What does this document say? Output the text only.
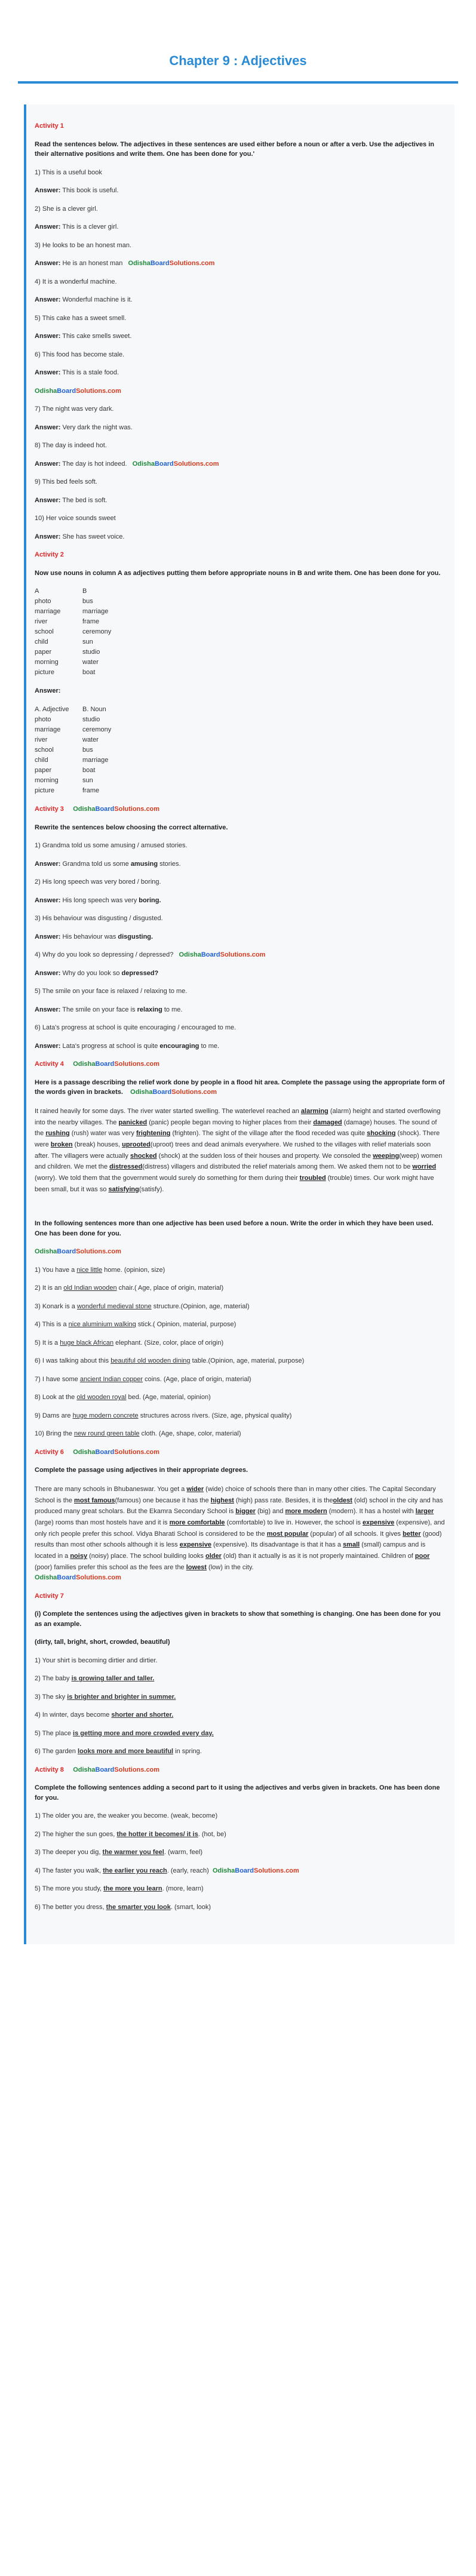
Chapter 9 : Adjectives

Activity 1

Read the sentences below. The adjectives in these sentences are used either before a noun or after a verb. Use the adjectives in their alternative positions and write them. One has been done for you.'

1) This is a useful book

Answer: This book is useful.

2) She is a clever girl.

Answer: This is a clever girl.

3) He looks to be an honest man.

Answer: He is an honest man OdishaBoardSolutions.com

4) It is a wonderful machine.

Answer: Wonderful machine is it.

5) This cake has a sweet smell.

Answer: This cake smells sweet.

6) This food has become stale.

Answer: This is a stale food.

OdishaBoardSolutions.com

7) The night was very dark.

Answer: Very dark the night was.

8) The day is indeed hot.

Answer: The day is hot indeed. OdishaBoardSolutions.com

9) This bed feels soft.

Answer: The bed is soft.

10) Her voice sounds sweet

Answer: She has sweet voice.

Activity 2

Now use nouns in column A as adjectives putting them before appropriate nouns in B and write them. One has been done for you.

A	B
photo	bus
marriage	marriage
river	frame
school	ceremony
child	sun
paper	studio
morning	water
picture	boat

Answer:

A. Adjective	B. Noun
photo	studio
marriage	ceremony
river	water
school	bus
child	marriage
paper	boat
morning	sun
picture	frame

Activity 3 OdishaBoardSolutions.com

Rewrite the sentences below choosing the correct alternative.

1) Grandma told us some amusing / amused stories.

Answer: Grandma told us some amusing stories.

2) His long speech was very bored / boring.

Answer: His long speech was very boring.

3) His behaviour was disgusting / disgusted.

Answer: His behaviour was disgusting.

4) Why do you look so depressing / depressed? OdishaBoardSolutions.com

Answer: Why do you look so depressed?

5) The smile on your face is relaxed / relaxing to me.

Answer: The smile on your face is relaxing to me.

6) Lata's progress at school is quite encouraging / encouraged to me.

Answer: Lata's progress at school is quite encouraging to me.

Activity 4 OdishaBoardSolutions.com

Here is a passage describing the relief work done by people in a flood hit area. Complete the passage using the appropriate form of the words given in brackets. OdishaBoardSolutions.com

It rained heavily for some days. The river water started swelling. The waterlevel reached an alarming (alarm) height and started overflowing into the nearby villages. The panicked (panic) people began moving to higher places from their damaged (damage) houses. The sound of the rushing (rush) water was very frightening (frighten). The sight of the village after the flood receded was quite shocking (shock). There were broken (break) houses, uprooted(uproot) trees and dead animals everywhere. We rushed to the villages with relief materials soon after. The villagers were actually shocked (shock) at the sudden loss of their houses and property. We consoled the weeping(weep) women and children. We met the distressed(distress) villagers and distributed the relief materials among them. We asked them not to be worried (worry). We told them that the government would surely do something for them during their troubled (trouble) times. Our work might have been small, but it was so satisfying(satisfy).

In the following sentences more than one adjective has been used before a noun. Write the order in which they have been used. One has been done for you.

OdishaBoardSolutions.com

1) You have a nice little home. (opinion, size)

2) It is an old Indian wooden chair.( Age, place of origin, material)

3) Konark is a wonderful medieval stone structure.(Opinion, age, material)

4) This is a nice aluminium walking stick.( Opinion, material, purpose)

5) It is a huge black African elephant. (Size, color, place of origin)

6) I was talking about this beautiful old wooden dining table.(Opinion, age, material, purpose)

7) I have some ancient Indian copper coins. (Age, place of origin, material)

8) Look at the old wooden royal bed. (Age, material, opinion)

9) Dams are huge modern concrete structures across rivers. (Size, age, physical quality)

10) Bring the new round green table cloth. (Age, shape, color, material)

Activity 6 OdishaBoardSolutions.com

Complete the passage using adjectives in their appropriate degrees.

There are many schools in Bhubaneswar. You get a wider (wide) choice of schools there than in many other cities. The Capital Secondary School is the most famous(famous) one because it has the highest (high) pass rate. Besides, it is theoldest (old) school in the city and has produced many great scholars. But the Ekamra Secondary School is bigger (big) and more modern (modern). It has a hostel with larger (large) rooms than most hostels have and it is more comfortable (comfortable) to live in. However, the school is expensive (expensive), and only rich people prefer this school. Vidya Bharati School is considered to be the most popular (popular) of all schools. It gives better (good) results than most other schools although it is less expensive (expensive). Its disadvantage is that it has a small (small) campus and is located in a noisy (noisy) place. The school building looks older (old) than it actually is as it is not properly maintained. Children of poor (poor) families prefer this school as the fees are the lowest (low) in the city.

OdishaBoardSolutions.com

Activity 7

(i) Complete the sentences using the adjectives given in brackets to show that something is changing. One has been done for you as an example.

(dirty, tall, bright, short, crowded, beautiful)

1) Your shirt is becoming dirtier and dirtier.

2) The baby is growing taller and taller.

3) The sky is brighter and brighter in summer.

4) In winter, days become shorter and shorter.

5) The place is getting more and more crowded every day.

6) The garden looks more and more beautiful in spring.

Activity 8 OdishaBoardSolutions.com

Complete the following sentences adding a second part to it using the adjectives and verbs given in brackets. One has been done for you.

1) The older you are, the weaker you become. (weak, become)

2) The higher the sun goes, the hotter it becomes/ it is. (hot, be)

3) The deeper you dig, the warmer you feel. (warm, feel)

4) The faster you walk, the earlier you reach. (early, reach) OdishaBoardSolutions.com

5) The more you study, the more you learn. (more, learn)

6) The better you dress, the smarter you look. (smart, look)
